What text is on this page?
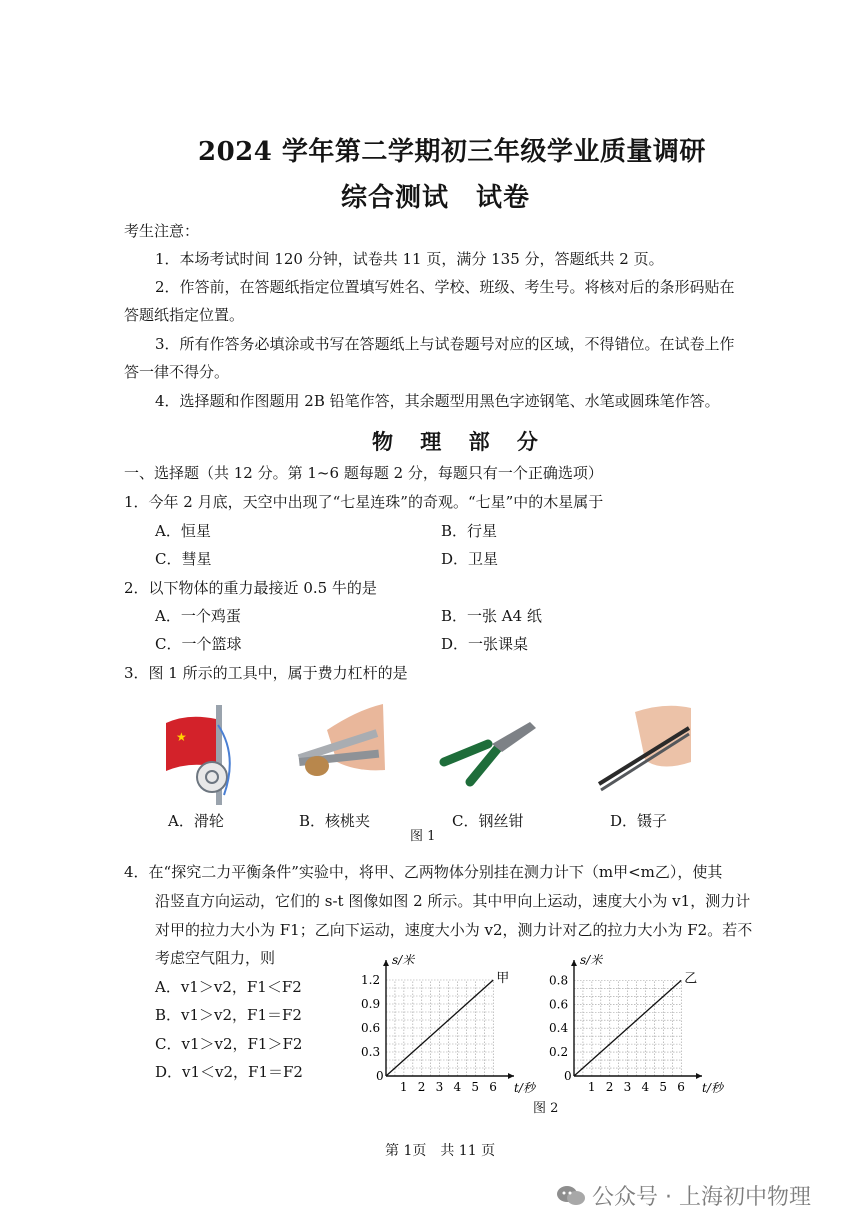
2024 学年第二学期初三年级学业质量调研
综合测试　试卷
考生注意：
1．本场考试时间 120 分钟，试卷共 11 页，满分 135 分，答题纸共 2 页。
2．作答前，在答题纸指定位置填写姓名、学校、班级、考生号。将核对后的条形码贴在
答题纸指定位置。
3．所有作答务必填涂或书写在答题纸上与试卷题号对应的区域，不得错位。在试卷上作
答一律不得分。
4．选择题和作图题用 2B 铅笔作答，其余题型用黑色字迹钢笔、水笔或圆珠笔作答。
物 理 部 分
一、选择题（共 12 分。第 1~6 题每题 2 分，每题只有一个正确选项）
1．今年 2 月底，天空中出现了“七星连珠”的奇观。“七星”中的木星属于
A．恒星	B．行星
C．彗星	D．卫星
2．以下物体的重力最接近 0.5 牛的是
A．一个鸡蛋	B．一张 A4 纸
C．一个篮球	D．一张课桌
3．图 1 所示的工具中，属于费力杠杆的是
★
A．滑轮	B．核桃夹	C．钢丝钳	D．镊子
图 1
4．在“探究二力平衡条件”实验中，将甲、乙两物体分别挂在测力计下（m甲<m乙），使其
沿竖直方向运动，它们的 s-t 图像如图 2 所示。其中甲向上运动，速度大小为 v1，测力计
对甲的拉力大小为 F1；乙向下运动，速度大小为 v2，测力计对乙的拉力大小为 F2。若不
考虑空气阻力，则
A．v1＞v2，F1＜F2
B．v1＞v2，F1＝F2
C．v1＞v2，F1＞F2
D．v1＜v2，F1＝F2
甲
1 2 3 4 5 6
0.3
0.6
0.9
1.2
0
s/米
t/秒
乙
1 2 3 4 5 6
0.2
0.4
0.6
0.8
0
s/米
t/秒
图 2
第 1页　共 11 页
公众号 · 上海初中物理
